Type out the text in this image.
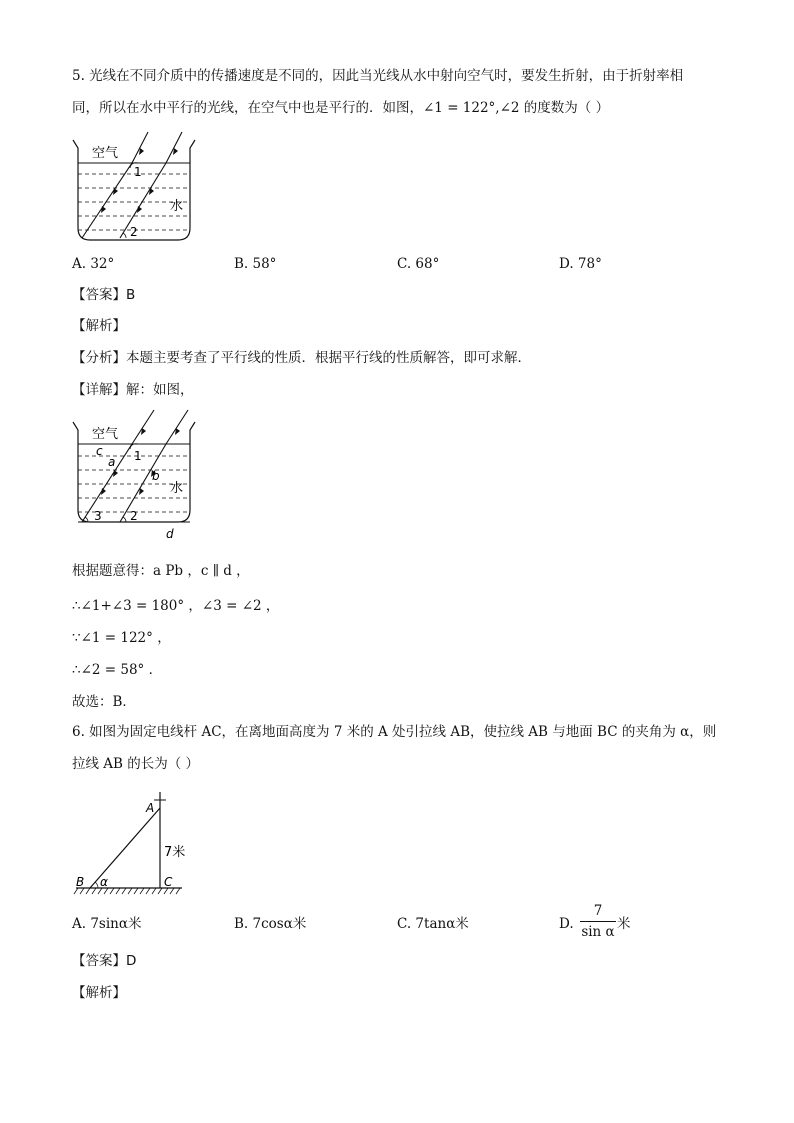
5. 光线在不同介质中的传播速度是不同的，因此当光线从水中射向空气时，要发生折射，由于折射率相
同，所以在水中平行的光线，在空气中也是平行的．如图，∠1 = 122°,∠2 的度数为（ ）
空气
水
1
2
A. 32°	B. 58°	C. 68°	D. 78°
【答案】B
【解析】
【分析】本题主要考查了平行线的性质．根据平行线的性质解答，即可求解．
【详解】解：如图，
空气
水
c
a
b
d
1
2
3
根据题意得：a Pb ，c ∥ d ，
∴∠1+∠3 = 180° ，∠3 = ∠2 ，
∵∠1 = 122° ，
∴∠2 = 58° ．
故选：B．
6. 如图为固定电线杆 AC，在离地面高度为 7 米的 A 处引拉线 AB，使拉线 AB 与地面 BC 的夹角为 α，则
拉线 AB 的长为（ ）
A
B	C
α
7米
A. 7sinα米	B. 7cosα米	C. 7tanα米	D.
7
sin α 米
【答案】D
【解析】
